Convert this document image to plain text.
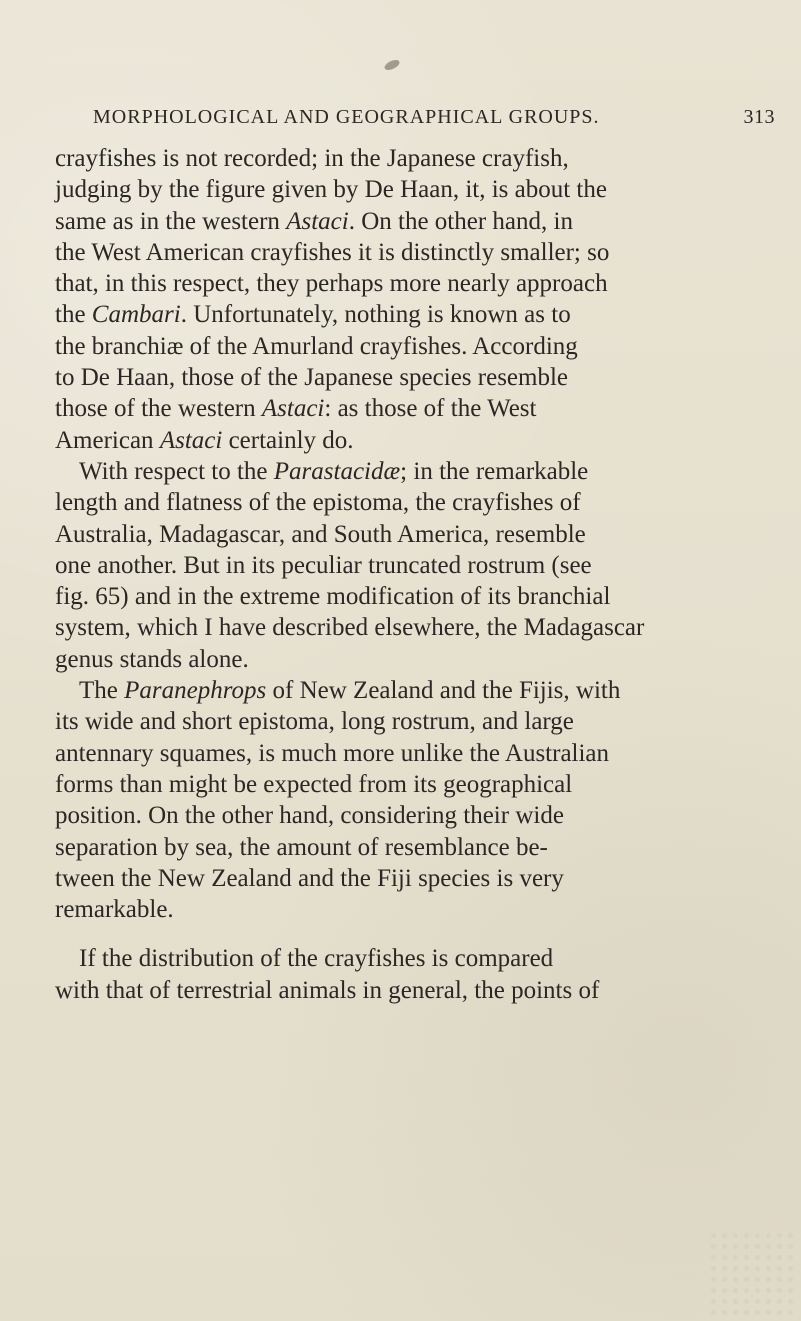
MORPHOLOGICAL AND GEOGRAPHICAL GROUPS.	313
crayfishes is not recorded; in the Japanese crayfish,
judging by the figure given by De Haan, it, is about the
same as in the western Astaci. On the other hand, in
the West American crayfishes it is distinctly smaller; so
that, in this respect, they perhaps more nearly approach
the Cambari. Unfortunately, nothing is known as to
the branchiæ of the Amurland crayfishes. According
to De Haan, those of the Japanese species resemble
those of the western Astaci: as those of the West
American Astaci certainly do.
With respect to the Parastacidæ; in the remarkable
length and flatness of the epistoma, the crayfishes of
Australia, Madagascar, and South America, resemble
one another. But in its peculiar truncated rostrum (see
fig. 65) and in the extreme modification of its branchial
system, which I have described elsewhere, the Madagascar
genus stands alone.
The Paranephrops of New Zealand and the Fijis, with
its wide and short epistoma, long rostrum, and large
antennary squames, is much more unlike the Australian
forms than might be expected from its geographical
position. On the other hand, considering their wide
separation by sea, the amount of resemblance be-
tween the New Zealand and the Fiji species is very
remarkable.
If the distribution of the crayfishes is compared
with that of terrestrial animals in general, the points of
